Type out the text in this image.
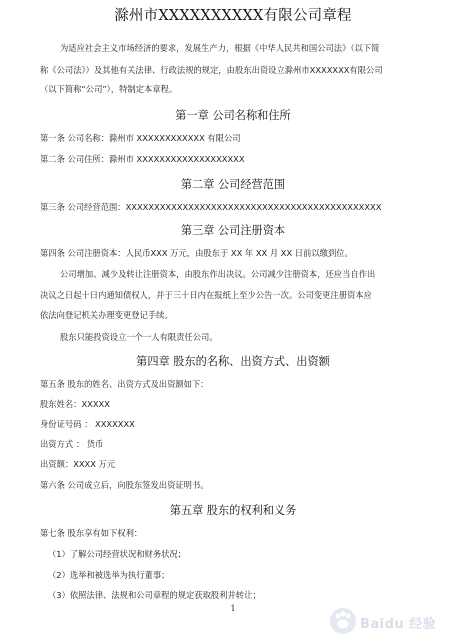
滁州市XXXXXXXXXX有限公司章程
为适应社会主义市场经济的要求，发展生产力，根据《中华人民共和国公司法》（以下简
称《公司法》）及其他有关法律、行政法规的规定，由股东出资设立滁州市XXXXXXX有限公司
（以下简称“公司”），特制定本章程。
第一章 公司名称和住所
第一条 公司名称：滁州市 XXXXXXXXXXXX 有限公司
第二条 公司住所：滁州市 XXXXXXXXXXXXXXXXXXX
第二章 公司经营范围
第三条 公司经营范围：XXXXXXXXXXXXXXXXXXXXXXXXXXXXXXXXXXXXXXXXXXXXX
第三章 公司注册资本
第四条 公司注册资本：人民币XXX 万元，由股东于 XX 年 XX 月 XX 日前以缴到位。
公司增加、减少及转让注册资本，由股东作出决议。公司减少注册资本，还应当自作出
决议之日起十日内通知债权人，并于三十日内在报纸上至少公告一次。公司变更注册资本应
依法向登记机关办理变更登记手续。
股东只能投资设立一个一人有限责任公司。
第四章 股东的名称、出资方式、出资额
第五条 股东的姓名、出资方式及出资额如下：
股东姓名：XXXXX
身份证号码 ： XXXXXXX
出资方式 ： 货币
出资额：XXXX 万元
第六条 公司成立后，向股东签发出资证明书。
第五章 股东的权利和义务
第七条 股东享有如下权利：
（1）了解公司经营状况和财务状况；
（2）选举和被选举为执行董事；
（3）依照法律、法规和公司章程的规定获取股利并转让；
1
Baidu 经验
